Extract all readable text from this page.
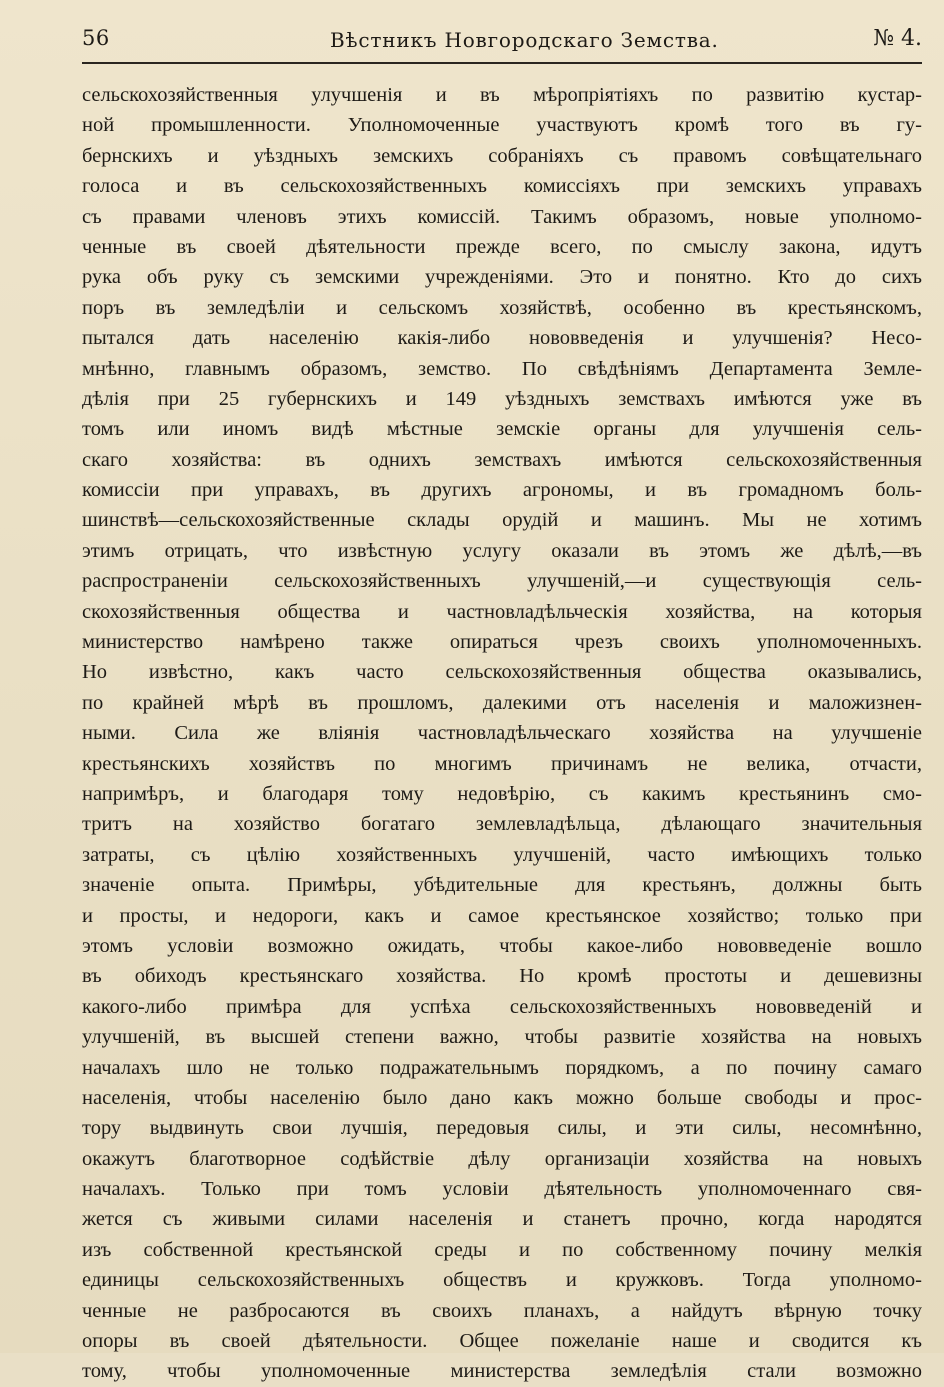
56	Вѣстникъ Новгородскаго Земства.	№ 4.
сельскохозяйственныя улучшенія и въ мѣропріятіяхъ по развитію кустар-
ной промышленности. Уполномоченные участвуютъ кромѣ того въ гу-
бернскихъ и уѣздныхъ земскихъ собраніяхъ съ правомъ совѣщательнаго
голоса и въ сельскохозяйственныхъ комиссіяхъ при земскихъ управахъ
съ правами членовъ этихъ комиссій. Такимъ образомъ, новые уполномо-
ченные въ своей дѣятельности прежде всего, по смыслу закона, идутъ
рука объ руку съ земскими учрежденіями. Это и понятно. Кто до сихъ
поръ въ земледѣліи и сельскомъ хозяйствѣ, особенно въ крестьянскомъ,
пытался дать населенію какія-либо нововведенія и улучшенія? Несо-
мнѣнно, главнымъ образомъ, земство. По свѣдѣніямъ Департамента Земле-
дѣлія при 25 губернскихъ и 149 уѣздныхъ земствахъ имѣются уже въ
томъ или иномъ видѣ мѣстные земскіе органы для улучшенія сель-
скаго хозяйства: въ однихъ земствахъ имѣются сельскохозяйственныя
комиссіи при управахъ, въ другихъ агрономы, и въ громадномъ боль-
шинствѣ—сельскохозяйственные склады орудій и машинъ. Мы не хотимъ
этимъ отрицать, что извѣстную услугу оказали въ этомъ же дѣлѣ,—въ
распространеніи сельскохозяйственныхъ улучшеній,—и существующія сель-
скохозяйственныя общества и частновладѣльческія хозяйства, на которыя
министерство намѣрено также опираться чрезъ своихъ уполномоченныхъ.
Но извѣстно, какъ часто сельскохозяйственныя общества оказывались,
по крайней мѣрѣ въ прошломъ, далекими отъ населенія и маложизнен-
ными. Сила же вліянія частновладѣльческаго хозяйства на улучшеніе
крестьянскихъ хозяйствъ по многимъ причинамъ не велика, отчасти,
напримѣръ, и благодаря тому недовѣрію, съ какимъ крестьянинъ смо-
тритъ на хозяйство богатаго землевладѣльца, дѣлающаго значительныя
затраты, съ цѣлію хозяйственныхъ улучшеній, часто имѣющихъ только
значеніе опыта. Примѣры, убѣдительные для крестьянъ, должны быть
и просты, и недороги, какъ и самое крестьянское хозяйство; только при
этомъ условіи возможно ожидать, чтобы какое-либо нововведеніе вошло
въ обиходъ крестьянскаго хозяйства. Но кромѣ простоты и дешевизны
какого-либо примѣра для успѣха сельскохозяйственныхъ нововведеній и
улучшеній, въ высшей степени важно, чтобы развитіе хозяйства на новыхъ
началахъ шло не только подражательнымъ порядкомъ, а по почину самаго
населенія, чтобы населенію было дано какъ можно больше свободы и прос-
тору выдвинуть свои лучшія, передовыя силы, и эти силы, несомнѣнно,
окажутъ благотворное содѣйствіе дѣлу организаціи хозяйства на новыхъ
началахъ. Только при томъ условіи дѣятельность уполномоченнаго свя-
жется съ живыми силами населенія и станетъ прочно, когда народятся
изъ собственной крестьянской среды и по собственному почину мелкія
единицы сельскохозяйственныхъ обществъ и кружковъ. Тогда уполномо-
ченные не разбросаются въ своихъ планахъ, а найдутъ вѣрную точку
опоры въ своей дѣятельности. Общее пожеланіе наше и сводится къ
тому, чтобы уполномоченные министерства земледѣлія стали возможно
